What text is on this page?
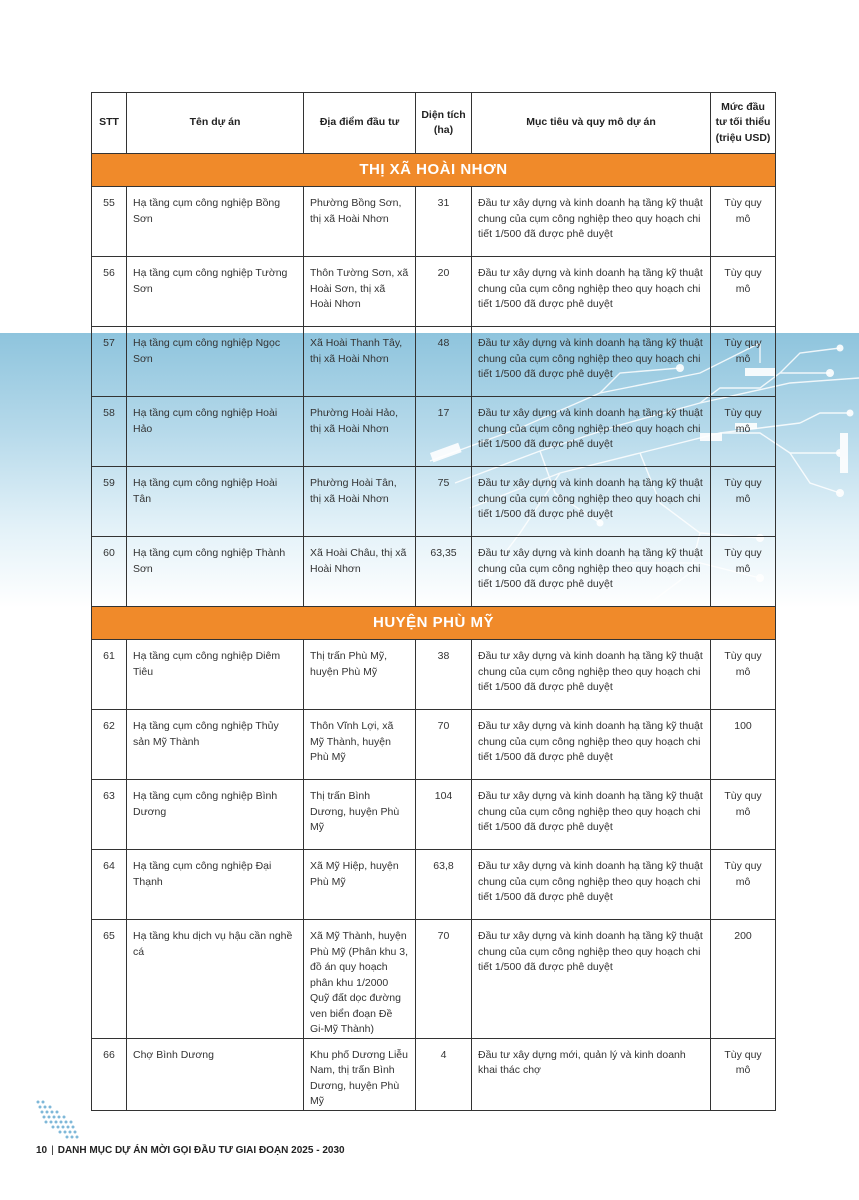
STT	Tên dự án	Địa điểm đầu tư	Diện tích (ha)	Mục tiêu và quy mô dự án	Mức đầu tư tối thiểu (triệu USD)
THỊ XÃ HOÀI NHƠN					
55	Hạ tầng cụm công nghiệp Bồng Sơn	Phường Bồng Sơn, thị xã Hoài Nhơn	31	Đầu tư xây dựng và kinh doanh hạ tầng kỹ thuật chung của cụm công nghiệp theo quy hoạch chi tiết 1/500 đã được phê duyệt	Tùy quy mô
56	Hạ tầng cụm công nghiệp Tường Sơn	Thôn Tường Sơn, xã Hoài Sơn, thị xã Hoài Nhơn	20	Đầu tư xây dựng và kinh doanh hạ tầng kỹ thuật chung của cụm công nghiệp theo quy hoạch chi tiết 1/500 đã được phê duyệt	Tùy quy mô
57	Hạ tầng cụm công nghiệp Ngọc Sơn	Xã Hoài Thanh Tây, thị xã Hoài Nhơn	48	Đầu tư xây dựng và kinh doanh hạ tầng kỹ thuật chung của cụm công nghiệp theo quy hoạch chi tiết 1/500 đã được phê duyệt	Tùy quy mô
58	Hạ tầng cụm công nghiệp Hoài Hảo	Phường Hoài Hảo, thị xã Hoài Nhơn	17	Đầu tư xây dựng và kinh doanh hạ tầng kỹ thuật chung của cụm công nghiệp theo quy hoạch chi tiết 1/500 đã được phê duyệt	Tùy quy mô
59	Hạ tầng cụm công nghiệp Hoài Tân	Phường Hoài Tân, thị xã Hoài Nhơn	75	Đầu tư xây dựng và kinh doanh hạ tầng kỹ thuật chung của cụm công nghiệp theo quy hoạch chi tiết 1/500 đã được phê duyệt	Tùy quy mô
60	Hạ tầng cụm công nghiệp Thành Sơn	Xã Hoài Châu, thị xã Hoài Nhơn	63,35	Đầu tư xây dựng và kinh doanh hạ tầng kỹ thuật chung của cụm công nghiệp theo quy hoạch chi tiết 1/500 đã được phê duyệt	Tùy quy mô
HUYỆN PHÙ MỸ					
61	Hạ tầng cụm công nghiệp Diêm Tiêu	Thị trấn Phù Mỹ, huyện Phù Mỹ	38	Đầu tư xây dựng và kinh doanh hạ tầng kỹ thuật chung của cụm công nghiệp theo quy hoạch chi tiết 1/500 đã được phê duyệt	Tùy quy mô
62	Hạ tầng cụm công nghiệp Thủy sản Mỹ Thành	Thôn Vĩnh Lợi, xã Mỹ Thành, huyện Phù Mỹ	70	Đầu tư xây dựng và kinh doanh hạ tầng kỹ thuật chung của cụm công nghiệp theo quy hoạch chi tiết 1/500 đã được phê duyệt	100
63	Hạ tầng cụm công nghiệp Bình Dương	Thị trấn Bình Dương, huyện Phù Mỹ	104	Đầu tư xây dựng và kinh doanh hạ tầng kỹ thuật chung của cụm công nghiệp theo quy hoạch chi tiết 1/500 đã được phê duyệt	Tùy quy mô
64	Hạ tầng cụm công nghiệp Đại Thạnh	Xã Mỹ Hiệp, huyện Phù Mỹ	63,8	Đầu tư xây dựng và kinh doanh hạ tầng kỹ thuật chung của cụm công nghiệp theo quy hoạch chi tiết 1/500 đã được phê duyệt	Tùy quy mô
65	Hạ tầng khu dịch vụ hậu cần nghề cá	Xã Mỹ Thành, huyện Phù Mỹ (Phân khu 3, đồ án quy hoạch phân khu 1/2000 Quỹ đất dọc đường ven biển đoạn Đề Gi-Mỹ Thành)	70	Đầu tư xây dựng và kinh doanh hạ tầng kỹ thuật chung của cụm công nghiệp theo quy hoạch chi tiết 1/500 đã được phê duyệt	200
66	Chợ Bình Dương	Khu phố Dương Liễu Nam, thị trấn Bình Dương, huyện Phù Mỹ	4	Đầu tư xây dựng mới, quản lý và kinh doanh khai thác chợ	Tùy quy mô
10 | DANH MỤC DỰ ÁN MỜI GỌI ĐẦU TƯ GIAI ĐOẠN 2025 - 2030
